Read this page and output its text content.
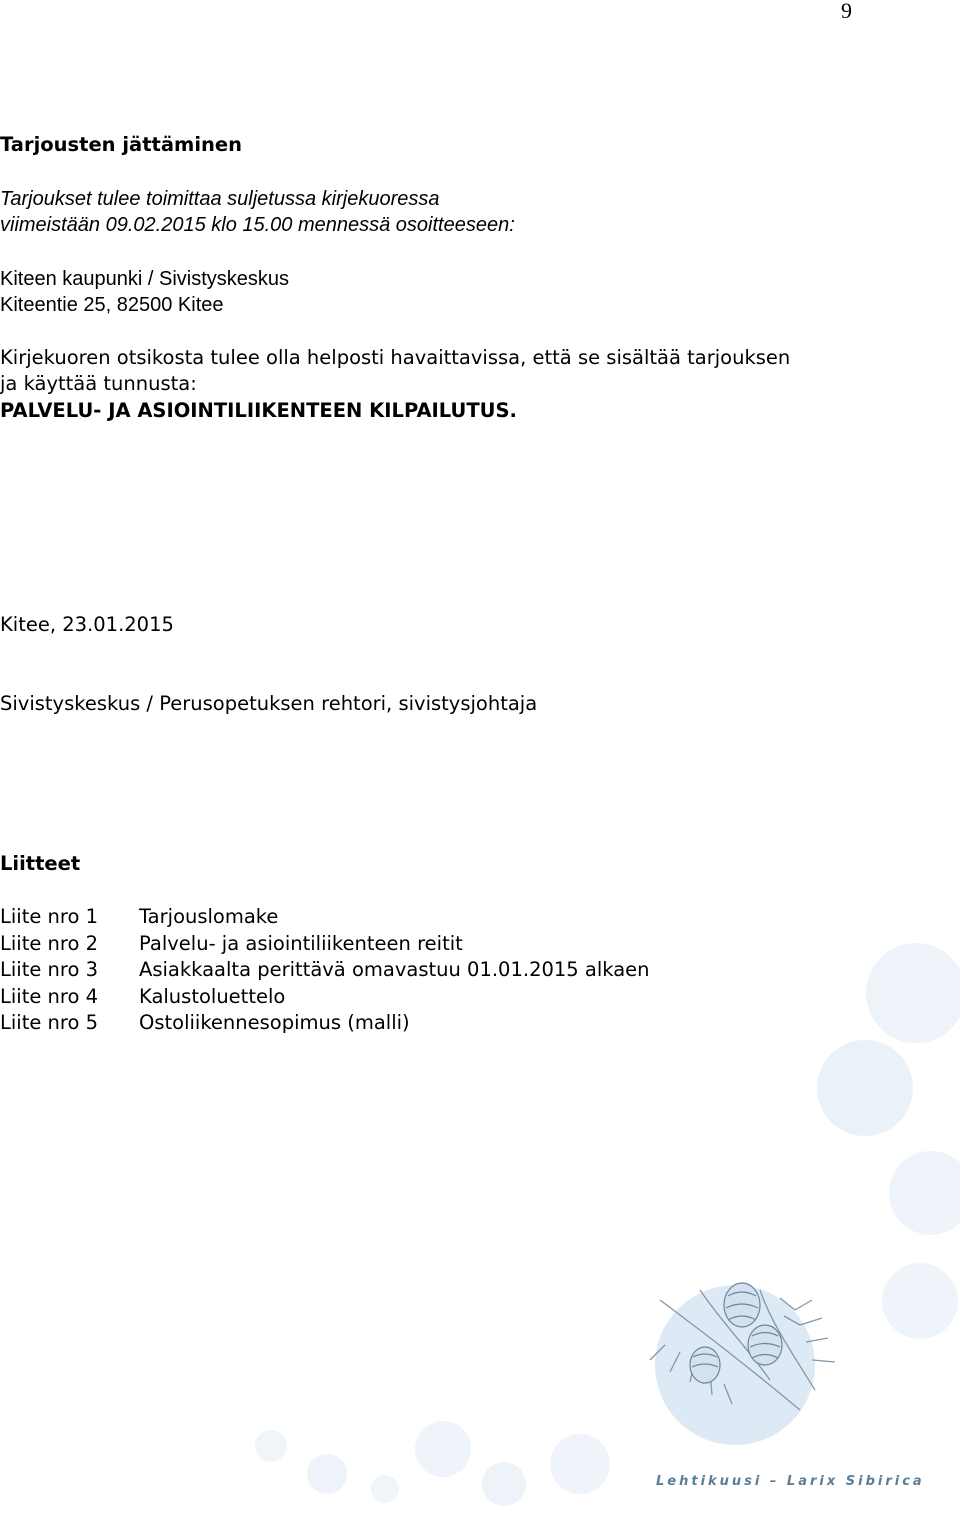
9
Tarjousten jättäminen
Tarjoukset tulee toimittaa suljetussa kirjekuoressa
viimeistään 09.02.2015 klo 15.00 mennessä osoitteeseen:
Kiteen kaupunki / Sivistyskeskus
Kiteentie 25, 82500 Kitee
Kirjekuoren otsikosta tulee olla helposti havaittavissa, että se sisältää tarjouksen
ja käyttää tunnusta:
PALVELU- JA ASIOINTILIIKENTEEN KILPAILUTUS.
Kitee, 23.01.2015
Sivistyskeskus / Perusopetuksen rehtori, sivistysjohtaja
Liitteet
Liite nro 1 Tarjouslomake
Liite nro 2 Palvelu- ja asiointiliikenteen reitit
Liite nro 3 Asiakkaalta perittävä omavastuu 01.01.2015 alkaen
Liite nro 4 Kalustoluettelo
Liite nro 5 Ostoliikennesopimus (malli)
Lehtikuusi – Larix Sibirica
